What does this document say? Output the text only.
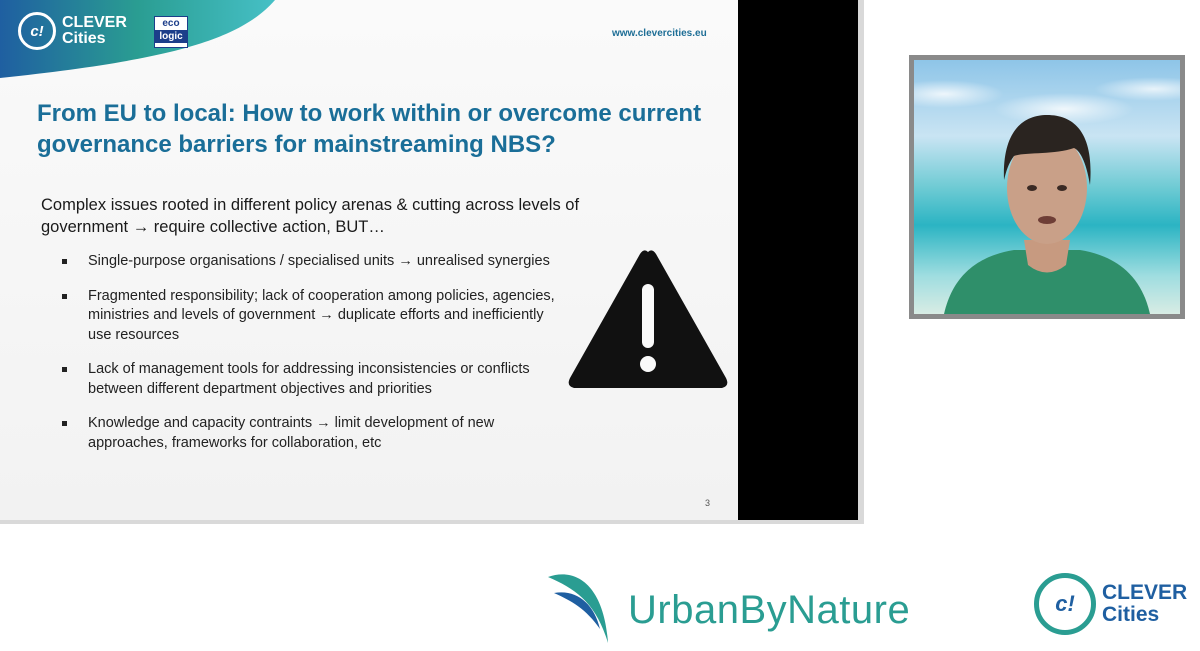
c!	CLEVER
Cities
eco
logic	www.clevercities.eu
From EU to local: How to work within or overcome current governance barriers for mainstreaming NBS?
Complex issues rooted in different policy arenas & cutting across levels of government → require collective action, BUT…
Single-purpose organisations / specialised units → unrealised synergies
Fragmented responsibility; lack of cooperation among policies, agencies, ministries and levels of government → duplicate efforts and inefficiently use resources
Lack of management tools for addressing inconsistencies or conflicts between different department objectives and priorities
Knowledge and capacity contraints → limit development of new approaches, frameworks for collaboration, etc
3
UrbanByNature	c!	CLEVER
Cities
